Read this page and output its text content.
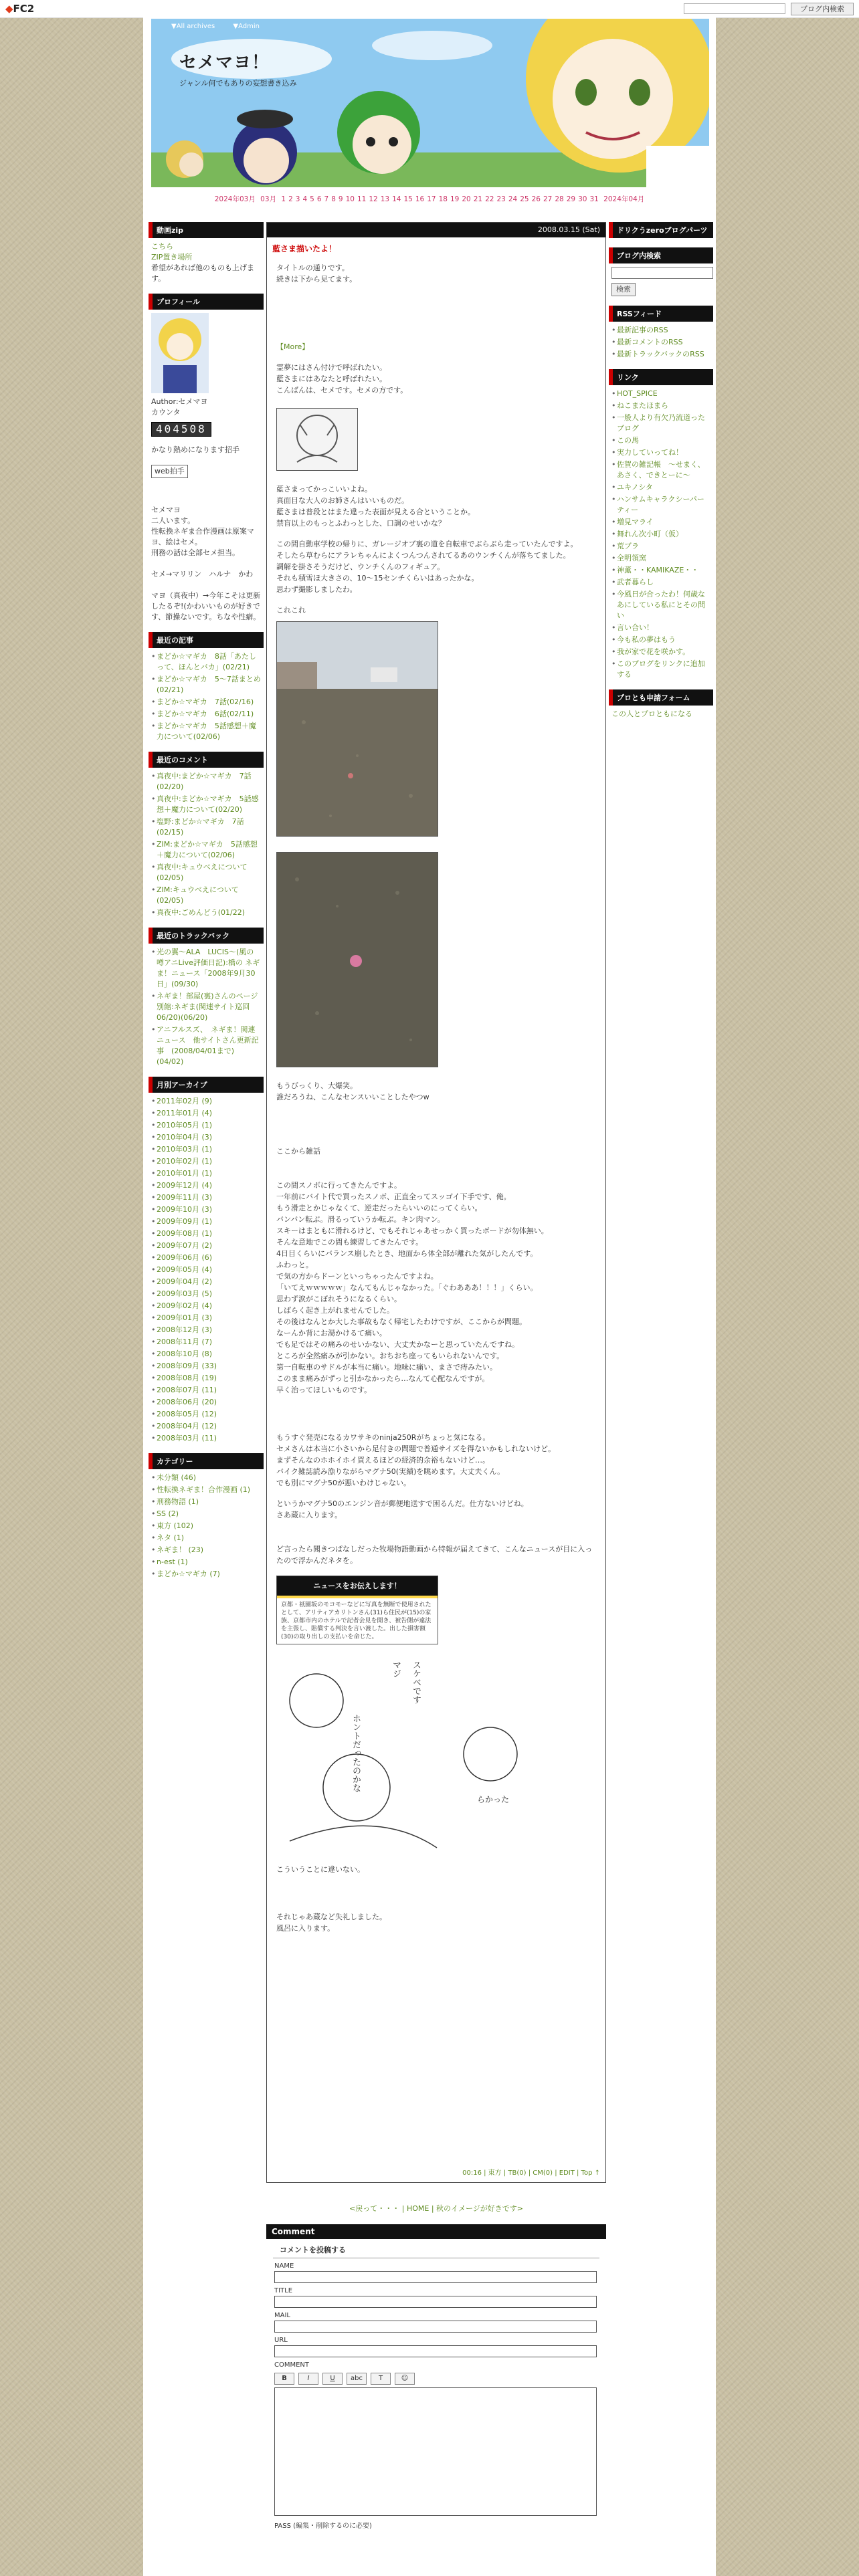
◆FC2	ブログ内検索
▼All archives	▼Admin
セメマヨ！
ジャンル何でもありの妄想書き込み
2024年03月 03月 1 2 3 4 5 6 7 8 9 10 11 12 13 14 15 16 17 18 19 20 21 22 23 24 25 26 27 28 29 30 31 2024年04月
動画zip
こちら
ZIP置き場所
希望があれば他のものも上げます。
プロフィール
Author:セメマヨ
カウンタ
404508
かなり熱めになります招手
web拍手
セメマヨ
二人います。
性転換ネギま合作漫画は原案マヨ、絵はセメ。
刑務の話は全部セメ担当。

セメ→マリリン　ハルナ　かわ

マヨ（真夜中）→今年こそは更新したるぞ!(かわいいものが好きです、節操ないです。ちなや性癖。
最近の記事
• まどか☆マギカ　8話「あたしって、ほんとバカ」(02/21)
• まどか☆マギカ　5〜7話まとめ(02/21)
• まどか☆マギカ　7話(02/16)
• まどか☆マギカ　6話(02/11)
• まどか☆マギカ　5話感想＋魔力について(02/06)
最近のコメント
• 真夜中:まどか☆マギカ　7話(02/20)
• 真夜中:まどか☆マギカ　5話感想＋魔力について(02/20)
• 塩野:まどか☆マギカ　7話(02/15)
• ZIM:まどか☆マギカ　5話感想＋魔力について(02/06)
• 真夜中:キュウべえについて(02/05)
• ZIM:キュウべえについて(02/05)
• 真夜中:ごめんどう(01/22)
最近のトラックバック
• 光の翼〜ALA　LUCIS〜(風の噂アニLive評価日記):橋の ネギま！ニュース「2008年9月30日」(09/30)
• ネギま！部屋(裏)さんのページ別館:ネギま(関連サイト巡回06/20)(06/20)
• アニフルスズ、　ネギま！関連ニュース　他サイトさん更新記事　(2008/04/01まで)　(04/02)
月別アーカイブ
• 2011年02月 (9)
• 2011年01月 (4)
• 2010年05月 (1)
• 2010年04月 (3)
• 2010年03月 (1)
• 2010年02月 (1)
• 2010年01月 (1)
• 2009年12月 (4)
• 2009年11月 (3)
• 2009年10月 (3)
• 2009年09月 (1)
• 2009年08月 (1)
• 2009年07月 (2)
• 2009年06月 (6)
• 2009年05月 (4)
• 2009年04月 (2)
• 2009年03月 (5)
• 2009年02月 (4)
• 2009年01月 (3)
• 2008年12月 (3)
• 2008年11月 (7)
• 2008年10月 (8)
• 2008年09月 (33)
• 2008年08月 (19)
• 2008年07月 (11)
• 2008年06月 (20)
• 2008年05月 (12)
• 2008年04月 (12)
• 2008年03月 (11)
カテゴリー
• 未分類 (46)
• 性転換ネギま！合作漫画 (1)
• 刑務物語 (1)
• SS (2)
• 東方 (102)
• ネタ (1)
• ネギま！ (23)
• n-est (1)
• まどか☆マギカ (7)
2008.03.15 (Sat)
藍さま描いたよ！
タイトルの通りです。
続きは下から見てます。
【More】
霊夢にはさん付けで呼ばれたい。
藍さまにはあなたと呼ばれたい。
こんばんは、セメです。セメの方です。
藍さまってかっこいいよね。
真面目な大人のお姉さんはいいものだ。
藍さまは普段とはまた違った表面が見える合ということか。
禁盲以上のもっとふわっとした、口調のせいかな？
この間自動車学校の帰りに、ガレージオブ裏の道を自転車でぶらぶら走っていたんですよ。
そしたら草むらにアラレちゃんによくつんつんされてるあのウンチくんが落ちてました。
調解を掛さそうだけど、ウンチくんのフィギュア。
それも積雪ほ大きさの、10〜15センチくらいはあったかな。
思わず撮影しましたわ。
これこれ

もうびっくり、大爆笑。
誰だろうね、こんなセンスいいことしたやつw
ここから雑話
この間スノボに行ってきたんですよ。
一年前にバイト代で買ったスノボ、正直全ってスッゴイ下手です、俺。
もう滑走とかじゃなくて、逆走だったらいいのにってくらい。
バンバン転ぶ。滑るっていうか転ぶ。キン肉マン。
スキーはまともに滑れるけど、でもそれじゃあせっかく買ったボードが勿体無い。
そんな意地でこの間も練習してきたんです。
4日目くらいにバランス崩したとき、地面から体全部が離れた気がしたんです。
ふわっと。
で気の方からドーンといっちゃったんですよね。
「いてえｗｗｗｗｗ」なんてもんじゃなかった。「ぐわあああ！！！」くらい。
思わず涙がこぼれそうになるくらい。
しばらく起き上がれませんでした。
その後はなんとか大した事故もなく帰宅したわけですが、ここからが問題。
なーんか背にお湯かけるて痛い。
でも足ではその痛みのせいかない、大丈夫かなーと思っていたんですね。
ところが全然痛みが引かない。おちおち座ってもいられないんです。
第一自転車のサドルが本当に痛い。地味に痛い、まさで痔みたい。
このまま痛みがずっと引かなかったら…なんて心配なんですが。
早く治ってほしいものです。
もうすぐ発売になるカワサキのninja250Rがちょっと気になる。
セメさんは本当に小さいから足付きの問題で普通サイズを得ないかもしれないけど。
まずそんなのホホイホイ買えるほどの経済的余裕もないけど…。
バイク雑誌読み漁りながらマグナ50(実績)を眺めます。大丈夫くん。
でも別にマグナ50が悪いわけじゃない。
というかマグナ50のエンジン音が郵便地送すで困るんだ。仕方ないけどね。
さあ蔵に入ります。
ど言ったら聞きつぱなしだった牧場物語動画から特報が届えてきて、こんなニュースが目に入ったので浮かんだネタを。
ニュースをお伝えします！
京都・祇園坂のモコモーなどに写真を無断で使用されたとして、アリティアカリトンさん(31)ら住民が(15)の家族、京都市内のホテルで記者会見を開き、被告側が違法を主張し、賠償する判決を言い渡した。出した損害額(30)の取り出しの支払いを命じた。
マジ スケベです
ホントだったのかな
らかった
こういうことに違いない。
それじゃあ蔵など失礼しました。
風呂に入ります。
00:16 | 東方 | TB(0) | CM(0) | EDIT | Top ↑
ドリクうzeroブログパーツ
ブログ内検索
検索
RSSフィード
• 最新記事のRSS
• 最新コメントのRSS
• 最新トラックバックのRSS
リンク
• HOT_SPICE
• ねこまたほまら
• 一般人より有欠乃流道ったブログ
• この馬
• 実力していってね！
• 佐賀の雑記帳　〜せまく、あさく、できとーに〜
• ユキノシタ
• ハンサムキャラクシーパーティー
• 増見マライ
• 舞れん次小町（仮）
• 荒ブラ
• 全明領窯
• 神薫・・KAMIKAZE・・
• 武者暮らし
• 今風日が合ったわ！何歳なあにしている私にとその問い
• 言い合い！
• 今も私の夢はもう
• 我が家で花を咲かす。
• このブログをリンクに追加する
プロとも申請フォーム
この人とプロともになる
<戻って・・・ | HOME | 秋のイメージが好きです>
Comment
コメントを投稿する
NAME
TITLE
MAIL
URL
COMMENT
B	I	U	abc	T	☺
PASS (編集・削除するのに必要)
